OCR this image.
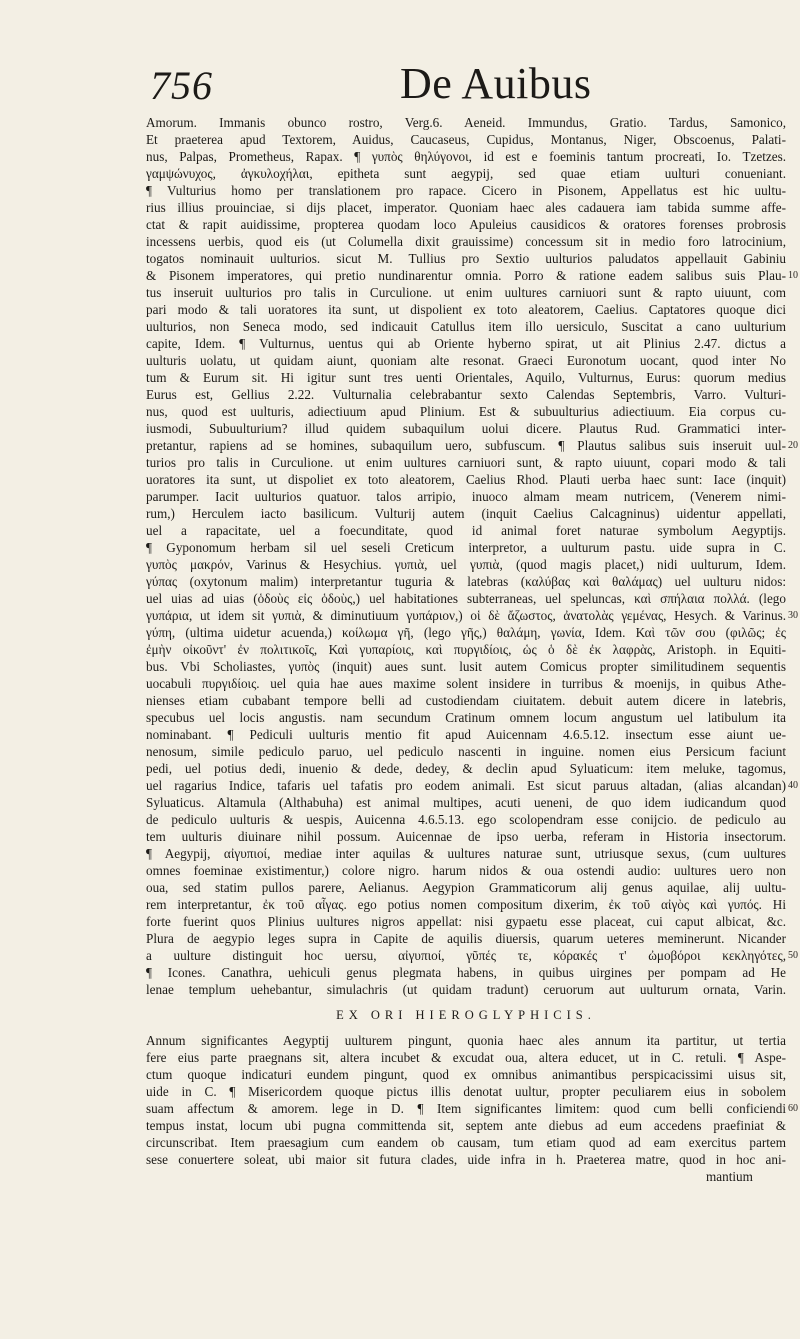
756	De Auibus
Amorum. Immanis obunco rostro, Verg.6. Aeneid. Immundus, Gratio. Tardus, Samonico,
Et praeterea apud Textorem, Auidus, Caucaseus, Cupidus, Montanus, Niger, Obscoenus, Palati-
nus, Palpas, Prometheus, Rapax. ¶ γυπὸς θηλύγονοι, id est e foeminis tantum procreati, Io. Tzetzes.
γαμψώνυχος, ἀγκυλοχήλαι, epitheta sunt aegypij, sed quae etiam uulturi conueniant.
¶ Vulturius homo per translationem pro rapace. Cicero in Pisonem, Appellatus est hic uultu-
rius illius prouinciae, si dijs placet, imperator. Quoniam haec ales cadauera iam tabida summe affe-
ctat & rapit auidissime, propterea quodam loco Apuleius causidicos & oratores forenses probrosis
incessens uerbis, quod eis (ut Columella dixit grauissime) concessum sit in medio foro latrocinium,
togatos nominauit uulturios. sicut M. Tullius pro Sextio uulturios paludatos appellauit Gabiniu
& Pisonem imperatores, qui pretio nundinarentur omnia. Porro & ratione eadem salibus suis Plau-
tus inseruit uulturios pro talis in Curculione. ut enim uultures carniuori sunt & rapto uiuunt, com
pari modo & tali uoratores ita sunt, ut dispolient ex toto aleatorem, Caelius. Captatores quoque dici
uulturios, non Seneca modo, sed indicauit Catullus item illo uersiculo, Suscitat a cano uulturium
capite, Idem. ¶ Vulturnus, uentus qui ab Oriente hyberno spirat, ut ait Plinius 2.47. dictus a
uulturis uolatu, ut quidam aiunt, quoniam alte resonat. Graeci Euronotum uocant, quod inter No
tum & Eurum sit. Hi igitur sunt tres uenti Orientales, Aquilo, Vulturnus, Eurus: quorum medius
Eurus est, Gellius 2.22. Vulturnalia celebrabantur sexto Calendas Septembris, Varro. Vulturi-
nus, quod est uulturis, adiectiuum apud Plinium. Est & subuulturius adiectiuum. Eia corpus cu-
iusmodi, Subuulturium? illud quidem subaquilum uolui dicere. Plautus Rud. Grammatici inter-
pretantur, rapiens ad se homines, subaquilum uero, subfuscum. ¶ Plautus salibus suis inseruit uul-
turios pro talis in Curculione. ut enim uultures carniuori sunt, & rapto uiuunt, copari modo & tali
uoratores ita sunt, ut dispoliet ex toto aleatorem, Caelius Rhod. Plauti uerba haec sunt: Iace (inquit)
parumper. Iacit uulturios quatuor. talos arripio, inuoco almam meam nutricem, (Venerem nimi-
rum,) Herculem iacto basilicum. Vulturij autem (inquit Caelius Calcagninus) uidentur appellati,
uel a rapacitate, uel a foecunditate, quod id animal foret naturae symbolum Aegyptijs.
¶ Gyponomum herbam sil uel seseli Creticum interpretor, a uulturum pastu. uide supra in C.
γυπὸς μακρόν, Varinus & Hesychius. γυπιὰ, uel γυπιὰ, (quod magis placet,) nidi uulturum, Idem.
γύπας (oxytonum malim) interpretantur tuguria & latebras (καλύβας καὶ θαλάμας) uel uulturu nidos:
uel uias ad uias (ὁδοὺς εἰς ὁδοὺς,) uel habitationes subterraneas, uel speluncas, καὶ σπήλαια πολλά. (lego
γυπάρια, ut idem sit γυπιὰ, & diminutiuum γυπάριον,) οἱ δὲ ἄζωστος, ἀνατολὰς γεμένας, Hesych. & Varinus.
γύπη, (ultima uidetur acuenda,) κοίλωμα γῆ, (lego γῆς,) θαλάμη, γωνία, Idem. Καὶ τῶν σου (φιλῶς; ἐς
ἐμὴν οἰκοῦντ' ἐν πολιτικοῖς, Καὶ γυπαρίοις, καὶ πυργιδίοις, ὡς ὁ δὲ ἐκ λαφρὰς, Aristoph. in Equiti-
bus. Vbi Scholiastes, γυπὸς (inquit) aues sunt. lusit autem Comicus propter similitudinem sequentis
uocabuli πυργιδίοις. uel quia hae aues maxime solent insidere in turribus & moenijs, in quibus Athe-
nienses etiam cubabant tempore belli ad custodiendam ciuitatem. debuit autem dicere in latebris,
specubus uel locis angustis. nam secundum Cratinum omnem locum angustum uel latibulum ita
nominabant. ¶ Pediculi uulturis mentio fit apud Auicennam 4.6.5.12. insectum esse aiunt ue-
nenosum, simile pediculo paruo, uel pediculo nascenti in inguine. nomen eius Persicum faciunt
pedi, uel potius dedi, inuenio & dede, dedey, & declin apud Syluaticum: item meluke, tagomus,
uel ragarius Indice, tafaris uel tafatis pro eodem animali. Est sicut paruus altadan, (alias alcandan)
Syluaticus. Altamula (Althabuha) est animal multipes, acuti ueneni, de quo idem iudicandum quod
de pediculo uulturis & uespis, Auicenna 4.6.5.13. ego scolopendram esse conijcio. de pediculo au
tem uulturis diuinare nihil possum. Auicennae de ipso uerba, referam in Historia insectorum.
¶ Aegypij, αἰγυπιοί, mediae inter aquilas & uultures naturae sunt, utriusque sexus, (cum uultures
omnes foeminae existimentur,) colore nigro. harum nidos & oua ostendi audio: uultures uero non
oua, sed statim pullos parere, Aelianus. Aegypion Grammaticorum alij genus aquilae, alij uultu-
rem interpretantur, ἐκ τοῦ αἶγας. ego potius nomen compositum dixerim, ἐκ τοῦ αἰγὸς καὶ γυπός. Hi
forte fuerint quos Plinius uultures nigros appellat: nisi gypaetu esse placeat, cui caput albicat, &c.
Plura de aegypio leges supra in Capite de aquilis diuersis, quarum ueteres meminerunt. Nicander
a uulture distinguit hoc uersu, αἰγυπιοί, γῦπές τε, κόρακές τ' ὠμοβόροι κεκληγότες,
¶ Icones. Canathra, uehiculi genus plegmata habens, in quibus uirgines per pompam ad He
lenae templum uehebantur, simulachris (ut quidam tradunt) ceruorum aut uulturum ornata, Varin.
EX ORI HIEROGLYPHICIS.
Annum significantes Aegyptij uulturem pingunt, quonia haec ales annum ita partitur, ut tertia
fere eius parte praegnans sit, altera incubet & excudat oua, altera educet, ut in C. retuli. ¶ Aspe-
ctum quoque indicaturi eundem pingunt, quod ex omnibus animantibus perspicacissimi uisus sit,
uide in C. ¶ Misericordem quoque pictus illis denotat uultur, propter peculiarem eius in sobolem
suam affectum & amorem. lege in D. ¶ Item significantes limitem: quod cum belli conficiendi
tempus instat, locum ubi pugna committenda sit, septem ante diebus ad eum accedens praefiniat &
circunscribat. Item praesagium cum eandem ob causam, tum etiam quod ad eam exercitus partem
sese conuertere soleat, ubi maior sit futura clades, uide infra in h. Praeterea matre, quod in hoc ani-
mantium
10
20
30
40
50
60
